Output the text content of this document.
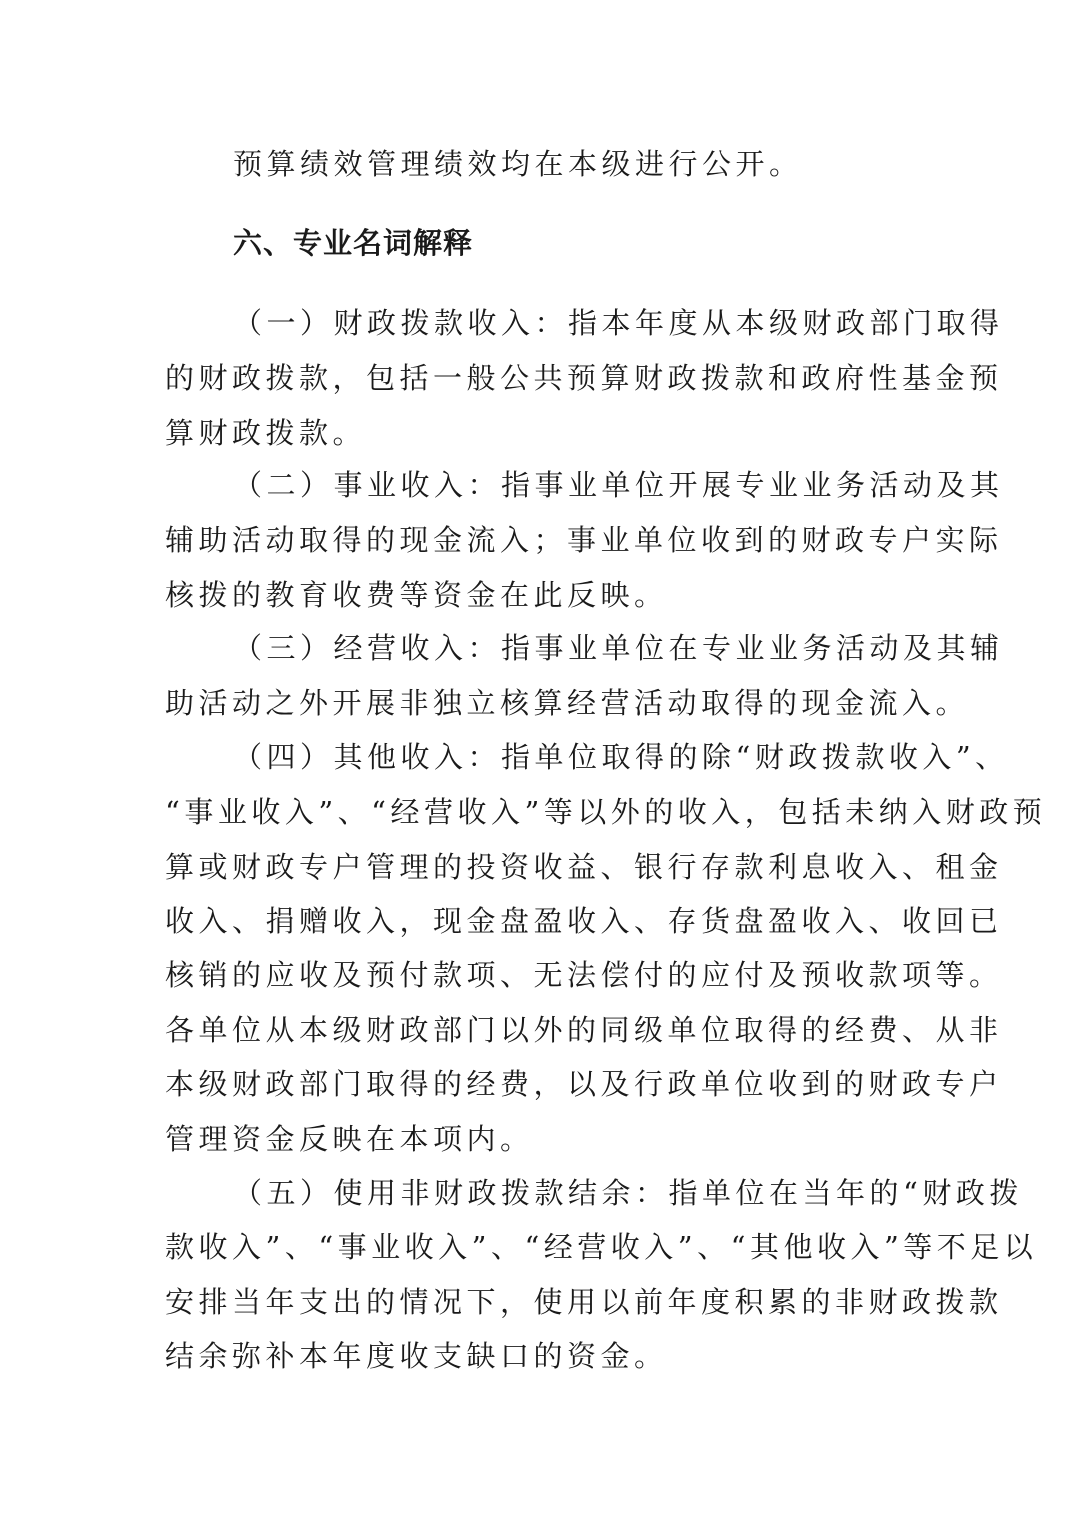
预算绩效管理绩效均在本级进行公开。
六、专业名词解释
（一）财政拨款收入：指本年度从本级财政部门取得
的财政拨款，包括一般公共预算财政拨款和政府性基金预
算财政拨款。
（二）事业收入：指事业单位开展专业业务活动及其
辅助活动取得的现金流入；事业单位收到的财政专户实际
核拨的教育收费等资金在此反映。
（三）经营收入：指事业单位在专业业务活动及其辅
助活动之外开展非独立核算经营活动取得的现金流入。
（四）其他收入：指单位取得的除“财政拨款收入”、
“事业收入”、“经营收入”等以外的收入，包括未纳入财政预
算或财政专户管理的投资收益、银行存款利息收入、租金
收入、捐赠收入，现金盘盈收入、存货盘盈收入、收回已
核销的应收及预付款项、无法偿付的应付及预收款项等。
各单位从本级财政部门以外的同级单位取得的经费、从非
本级财政部门取得的经费，以及行政单位收到的财政专户
管理资金反映在本项内。
（五）使用非财政拨款结余：指单位在当年的“财政拨
款收入”、“事业收入”、“经营收入”、“其他收入”等不足以
安排当年支出的情况下，使用以前年度积累的非财政拨款
结余弥补本年度收支缺口的资金。
